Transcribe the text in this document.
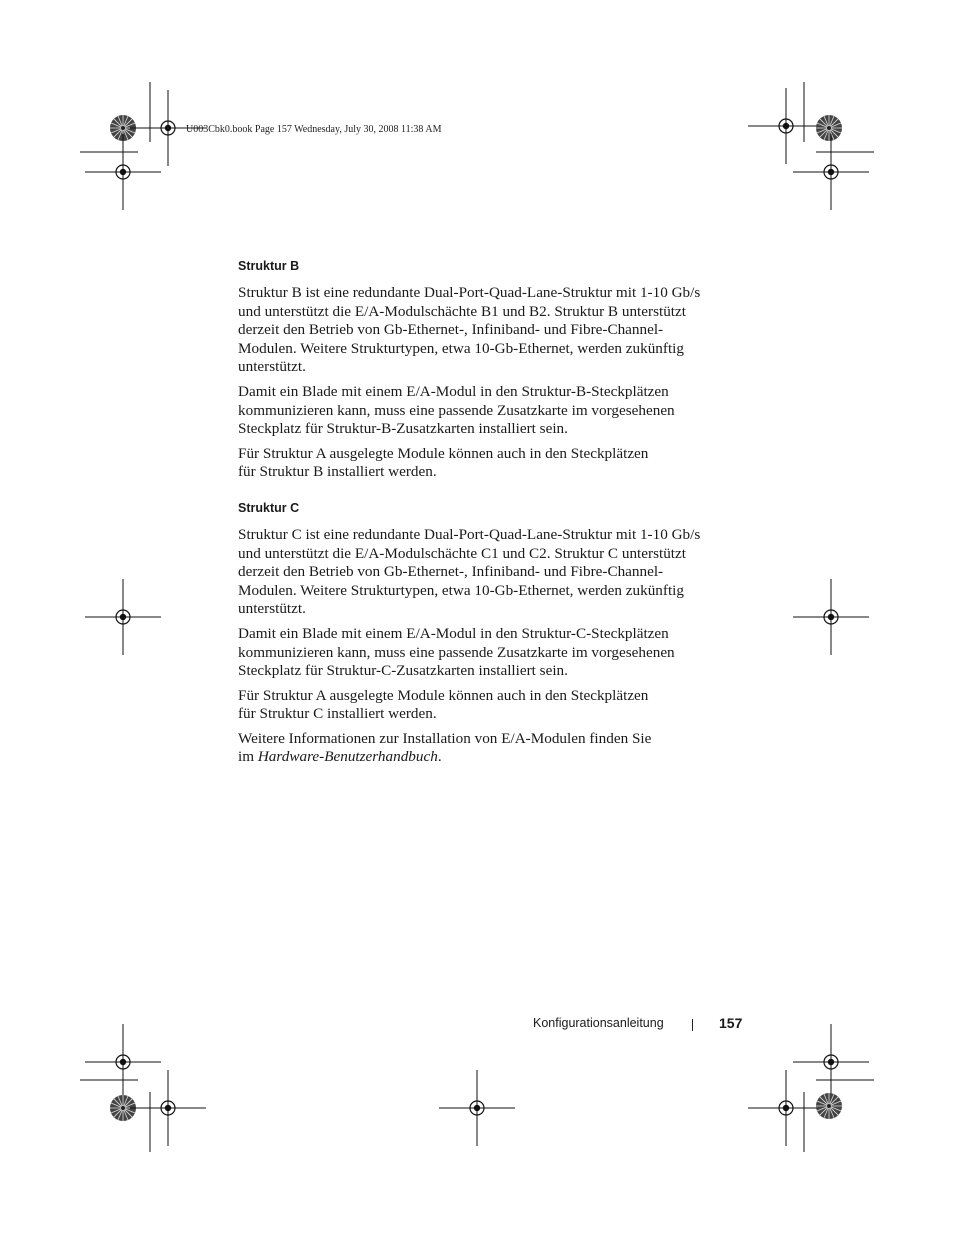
U003Cbk0.book Page 157 Wednesday, July 30, 2008 11:38 AM
Struktur B

Struktur B ist eine redundante Dual-Port-Quad-Lane-Struktur mit 1-10 Gb/s
und unterstützt die E/A-Modulschächte B1 und B2. Struktur B unterstützt
derzeit den Betrieb von Gb-Ethernet-, Infiniband- und Fibre-Channel-
Modulen. Weitere Strukturtypen, etwa 10-Gb-Ethernet, werden zukünftig
unterstützt.

Damit ein Blade mit einem E/A-Modul in den Struktur-B-Steckplätzen
kommunizieren kann, muss eine passende Zusatzkarte im vorgesehenen
Steckplatz für Struktur-B-Zusatzkarten installiert sein.

Für Struktur A ausgelegte Module können auch in den Steckplätzen
für Struktur B installiert werden.

Struktur C

Struktur C ist eine redundante Dual-Port-Quad-Lane-Struktur mit 1-10 Gb/s
und unterstützt die E/A-Modulschächte C1 und C2. Struktur C unterstützt
derzeit den Betrieb von Gb-Ethernet-, Infiniband- und Fibre-Channel-
Modulen. Weitere Strukturtypen, etwa 10-Gb-Ethernet, werden zukünftig
unterstützt.

Damit ein Blade mit einem E/A-Modul in den Struktur-C-Steckplätzen
kommunizieren kann, muss eine passende Zusatzkarte im vorgesehenen
Steckplatz für Struktur-C-Zusatzkarten installiert sein.

Für Struktur A ausgelegte Module können auch in den Steckplätzen
für Struktur C installiert werden.

Weitere Informationen zur Installation von E/A-Modulen finden Sie
im Hardware-Benutzerhandbuch.

Konfigurationsanleitung	157
